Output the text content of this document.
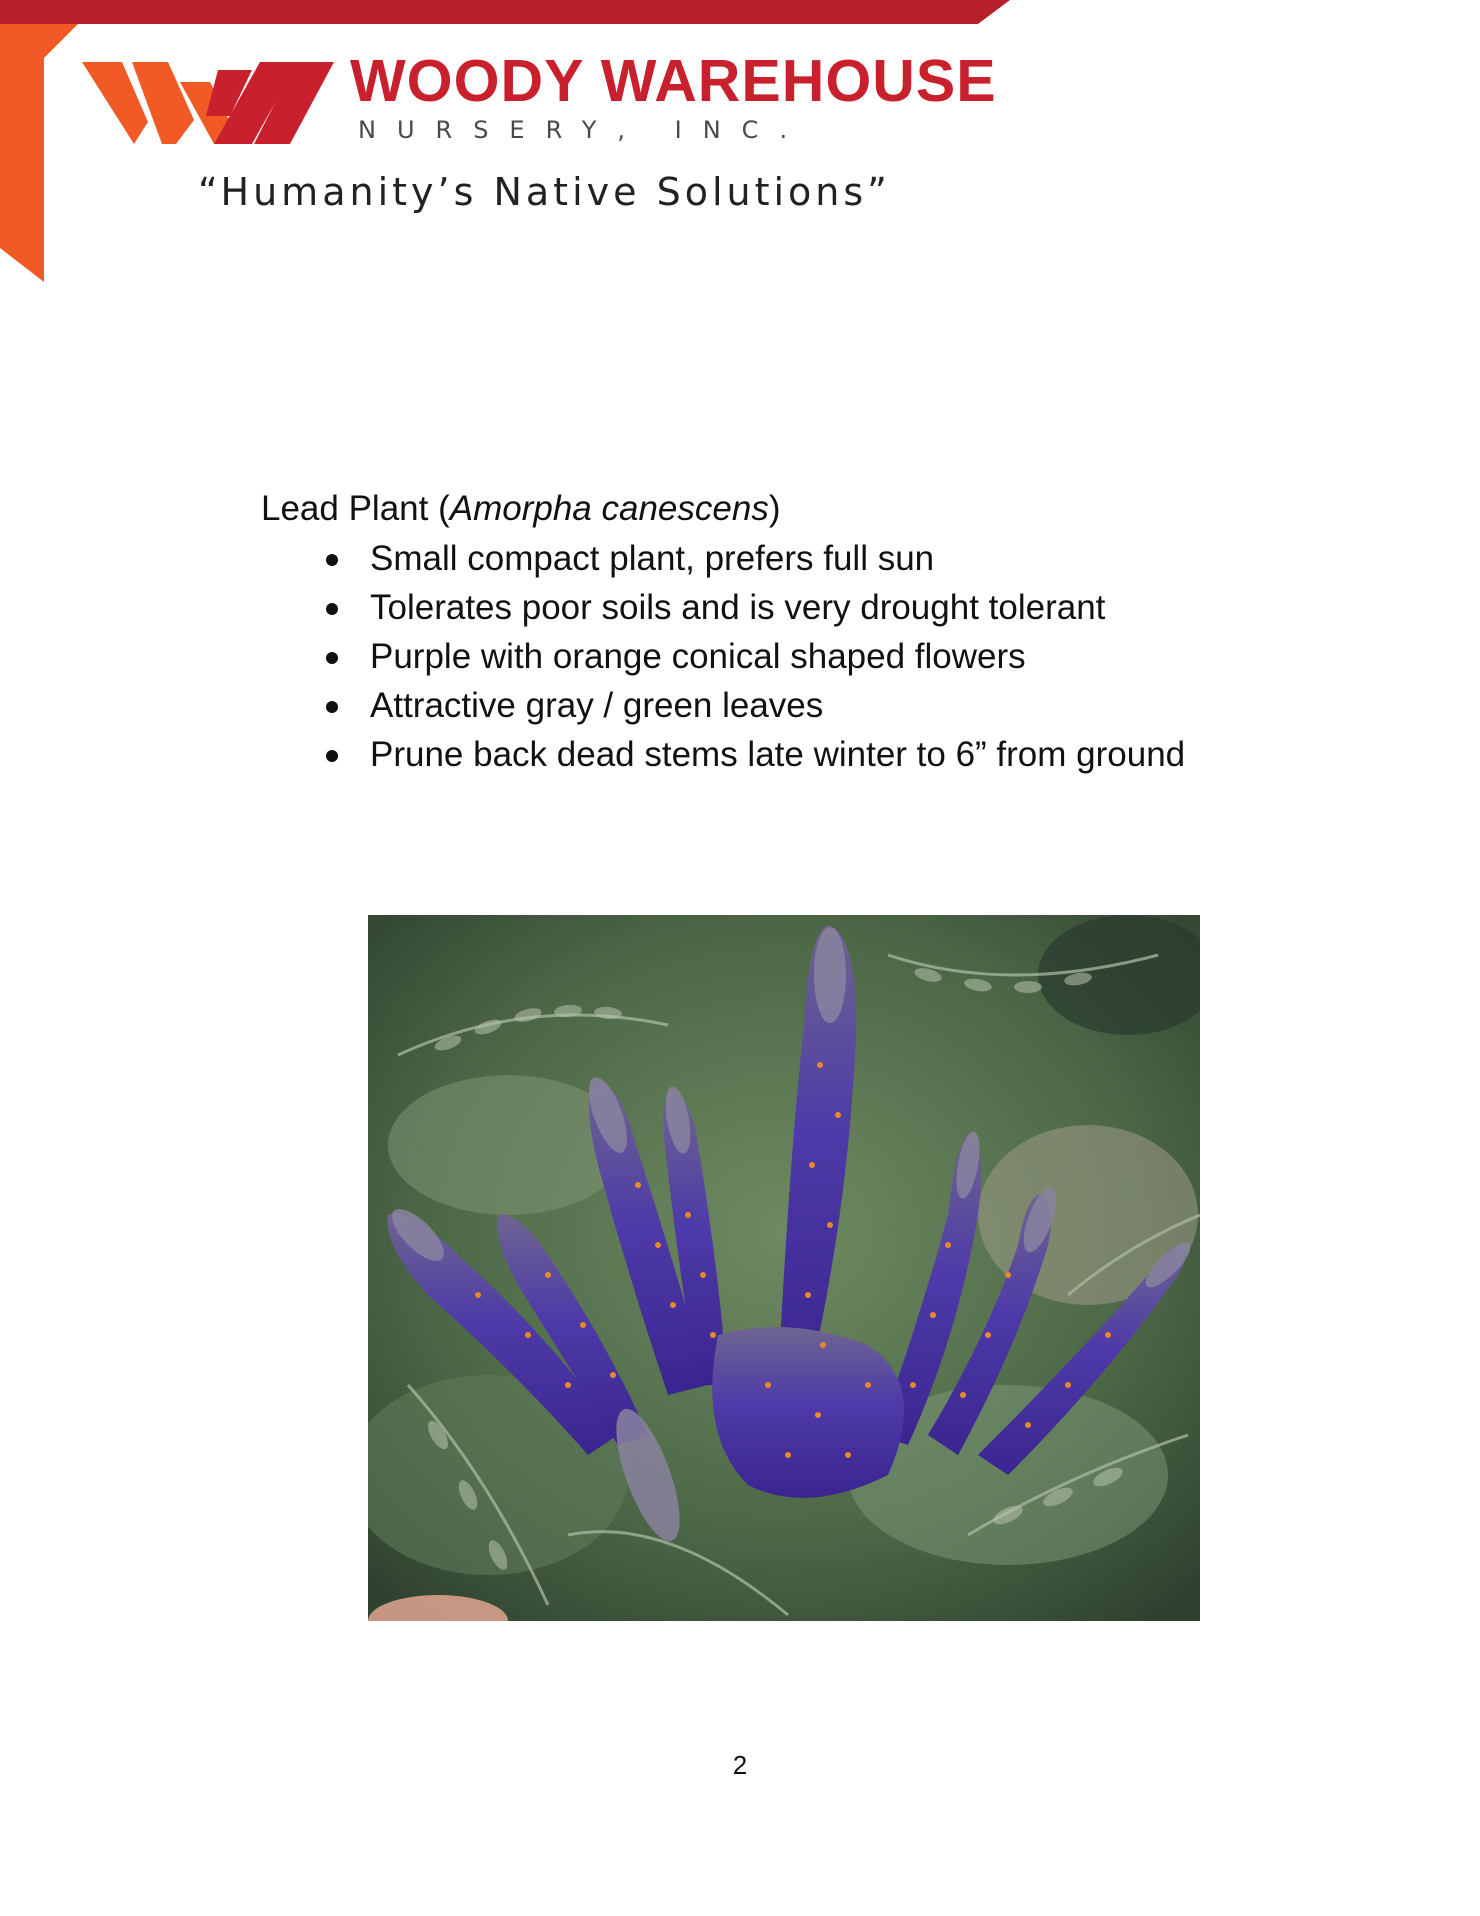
WOODY WAREHOUSE
NURSERY, INC.
“Humanity’s Native Solutions”
Lead Plant (Amorpha canescens)
Small compact plant, prefers full sun
Tolerates poor soils and is very drought tolerant
Purple with orange conical shaped flowers
Attractive gray / green leaves
Prune back dead stems late winter to 6” from ground
2
